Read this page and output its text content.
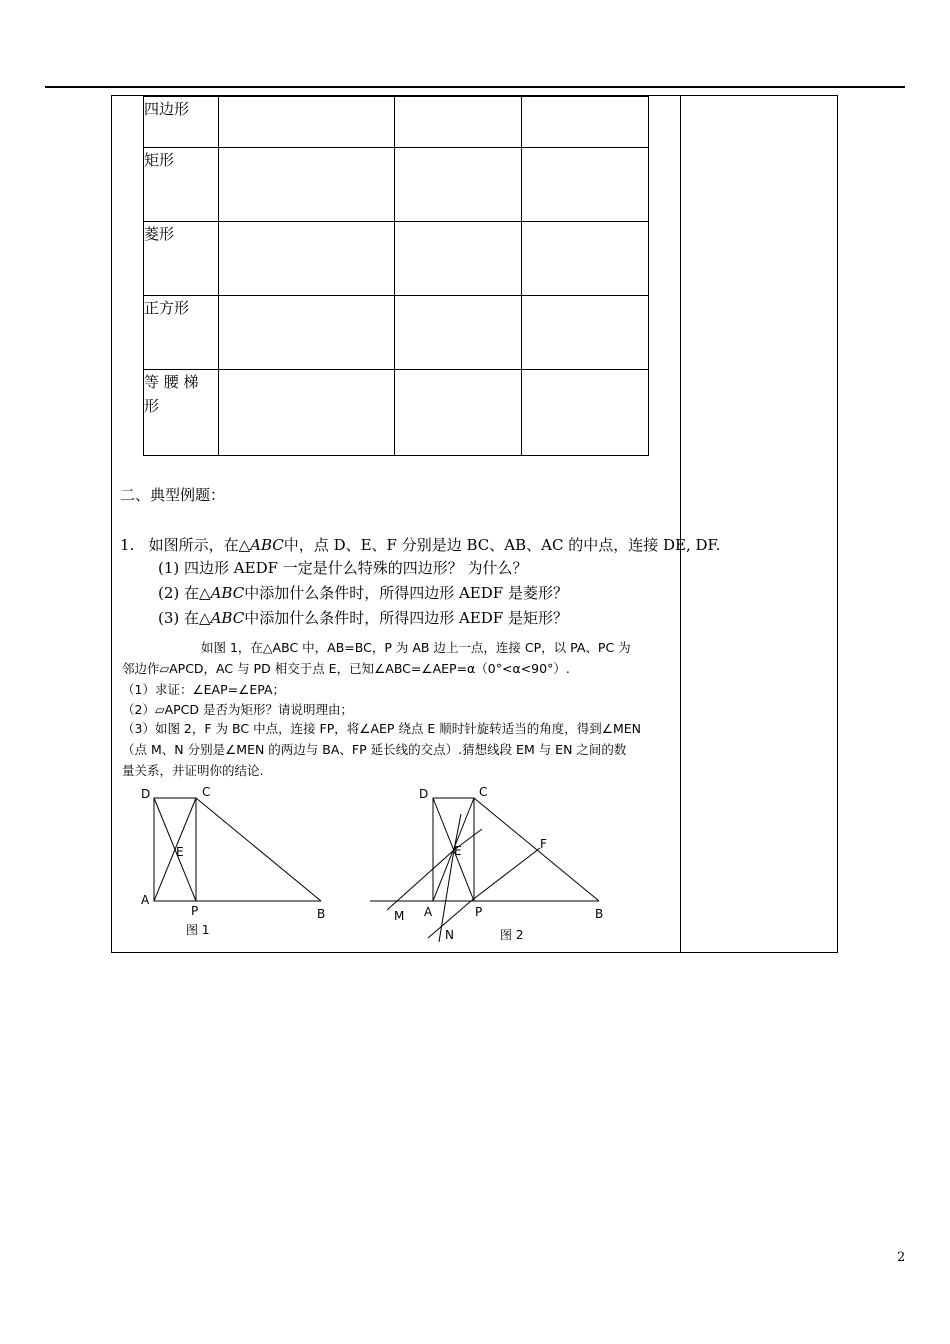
四边形			
矩形			
菱形			
正方形			

等 腰 梯
形			

二、典型例题：
1. 如图所示，在△ABC中，点 D、E、F 分别是边 BC、AB、AC 的中点，连接 DE, DF.
(1) 四边形 AEDF 一定是什么特殊的四边形？ 为什么？
(2) 在△ABC中添加什么条件时，所得四边形 AEDF 是菱形？
(3) 在△ABC中添加什么条件时，所得四边形 AEDF 是矩形？
如图 1，在△ABC 中，AB=BC，P 为 AB 边上一点，连接 CP，以 PA、PC 为
邻边作▱APCD，AC 与 PD 相交于点 E，已知∠ABC=∠AEP=α（0°<α<90°）.
（1）求证：∠EAP=∠EPA；
（2）▱APCD 是否为矩形？请说明理由；
（3）如图 2，F 为 BC 中点，连接 FP，将∠AEP 绕点 E 顺时针旋转适当的角度，得到∠MEN
（点 M、N 分别是∠MEN 的两边与 BA、FP 延长线的交点）.猜想线段 EM 与 EN 之间的数
量关系，并证明你的结论.
D	C
E
A
P	B
图 1
D	C
E	F
M A	P	B
N	图 2
2
